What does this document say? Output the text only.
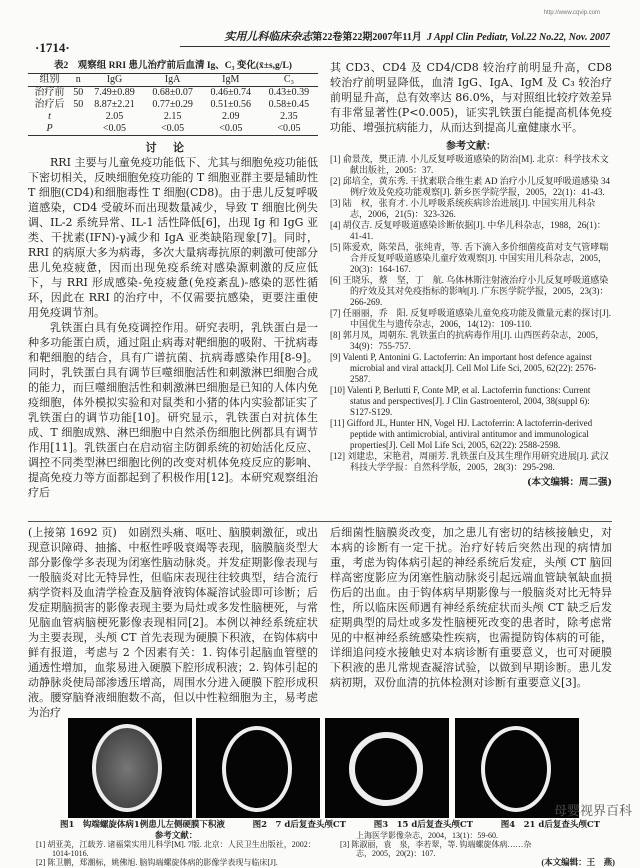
http://www.cqvip.com
·1714·
实用儿科临床杂志第22卷第22期2007年11月 J Appl Clin Pediatr, Vol.22 No.22, Nov. 2007
表2　观察组 RRI 患儿治疗前后血清 Ig、C₃ 变化(x̄±s,g/L)
组别	n	IgG	IgA	IgM	C₃
治疗前	50	7.49±0.89	0.68±0.07	0.46±0.74	0.43±0.39
治疗后	50	8.87±2.21	0.77±0.29	0.51±0.56	0.58±0.45
t		2.05	2.15	2.09	2.35
P		<0.05	<0.05	<0.05	<0.05
讨论

RRI 主要与儿童免疫功能低下、尤其与细胞免疫功能低下密切相关，反映细胞免疫功能的 T 细胞亚群主要是辅助性 T 细胞(CD4)和细胞毒性 T 细胞(CD8)。由于患儿反复呼吸道感染，CD4 受破坏而出现数量减少，导致 T 细胞比例失调、IL-2 系统异常、IL-1 活性降低[6]，出现 Ig 和 IgG 亚类、干扰素(IFN)-γ减少和 IgA 亚类缺陷现象[7]。同时，RRI 的病原大多为病毒，多次大量病毒抗原的刺激可使部分患儿免疫疲惫，因而出现免疫系统对感染源刺激的反应低下，与 RRI 形成感染-免疫疲惫(免疫紊乱)-感染的恶性循环，因此在 RRI 的治疗中，不仅需要抗感染，更要注重使用免疫调节剂。

乳铁蛋白具有免疫调控作用。研究表明，乳铁蛋白是一种多功能蛋白质，通过阻止病毒对靶细胞的吸附、干扰病毒和靶细胞的结合，具有广谱抗菌、抗病毒感染作用[8-9]。同时，乳铁蛋白具有调节巨噬细胞活性和刺激淋巴细胞合成的能力，而巨噬细胞活性和刺激淋巴细胞是已知的人体内免疫细胞，体外模拟实验和对鼠类和小猪的体内实验都证实了乳铁蛋白的调节功能[10]。研究显示，乳铁蛋白对抗体生成、T 细胞成熟、淋巴细胞中自然杀伤细胞比例都具有调节作用[11]。乳铁蛋白在启动宿主防御系统的初始活化反应、调控不同类型淋巴细胞比例的改变对机体免疫反应的影响、提高免疫力等方面都起到了积极作用[12]。本研究观察组治疗后

其 CD3、CD4 及 CD4/CD8 较治疗前明显升高，CD8 较治疗前明显降低，血清 IgG、IgA、IgM 及 C₃ 较治疗前明显升高，总有效率达 86.0%，与对照组比较疗效差异有非常显著性(P<0.005)，证实乳铁蛋白能提高机体免疫功能、增强抗病能力，从而达到提高儿童健康水平。

参考文献：
[1] 俞景茂，樊正清. 小儿反复呼吸道感染的防治[M]. 北京：科学技术文献出版社，2005：37.
[2] 邱培全，黄东秀. 干扰素联合维生素 AD 治疗小儿反复呼吸道感染 34 例疗效及免疫功能观察[J]. 新乡医学院学报，2005，22(1)：41-43.
[3] 陆　权，张育才. 小儿呼吸系统疾病诊治进展[J]. 中国实用儿科杂志，2006，21(5)：323-326.
[4] 胡仪吉. 反复呼吸道感染诊断依据[J]. 中华儿科杂志，1988，26(1)：41-41.
[5] 陈爱欢，陈荣昌，张纯青，等. 舌下滴入多价细菌疫苗对支气管哮喘合并反复呼吸道感染儿童疗效观察[J]. 中国实用儿科杂志，2005，20(3)：164-167.
[6] 王晓乐，蔡　坚，丁　航. 乌体林斯注射液治疗小儿反复呼吸道感染的疗效及其对免疫指标的影响[J]. 广东医学院学报，2005，23(3)：266-269.
[7] 任丽丽，乔　阳. 反复呼吸道感染儿童免疫功能及微量元素的探讨[J]. 中国优生与遗传杂志，2006，14(12)：109-110.
[8] 郭月凤，周朝东. 乳铁蛋白的抗病毒作用[J]. 山西医药杂志，2005，34(9)：755-757.
[9] Valenti P, Antonini G. Lactoferrin: An important host defence against microbial and viral attack[J]. Cell Mol Life Sci, 2005, 62(22): 2576-2587.
[10] Valenti P, Berlutti F, Conte MP, et al. Lactoferrin functions: Current status and perspectives[J]. J Clin Gastroenterol, 2004, 38(suppl 6): S127-S129.
[11] Gifford JL, Hunter HN, Vogel HJ. Lactoferrin: A lactoferrin-derived peptide with antimicrobial, antiviral antitumor and immunological properties[J]. Cell Mol Life Sci, 2005, 62(22): 2588-2598.
[12] 刘建忠，宋艳君，周丽芳. 乳铁蛋白及其生理作用研究进展[J]. 武汉科技大学学报：自然科学版，2005，28(3)：295-298.
(本文编辑：周二强)

(上接第 1692 页)　 如剧烈头痛、呕吐、脑膜刺激征，或出现意识障碍、抽搐、中枢性呼吸衰竭等表现，脑膜脑炎型大部分影像学多表现为闭塞性脑动脉炎。并发症期影像表现与一般脑炎对比无特异性，但临床表现往往较典型，结合流行病学资料及血清学检查及脑脊液钩体凝溶试验即可诊断；后发症期脑损害的影像表现主要为局灶或多发性脑梗死，与常见脑血管病脑梗死影像表现相同[2]。本例以神经系统症状为主要表现，头颅 CT 首先表现为硬膜下积液，在钩体病中鲜有报道，考虑与 2 个因素有关：1. 钩体引起脑血管壁的通透性增加，血浆易进入硬膜下腔形成积液；2. 钩体引起的动静脉炎使局部渗透压增高，周围水分进入硬膜下腔形成积液。腰穿脑脊液细胞数不高，但以中性粒细胞为主，易考虑为治疗

后细菌性脑膜炎改变，加之患儿有密切的结核接触史，对本病的诊断有一定干扰。治疗好转后突然出现的病情加重，考虑为钩体病引起的神经系统后发症，头颅 CT 脑回样高密度影应为闭塞性脑动脉炎引起远端血管缺氧缺血损伤后的出血。由于钩体病早期影像与一般脑炎对比无特异性，所以临床医师遇有神经系统症状而头颅 CT 缺乏后发症期典型的局灶或多发性脑梗死改变的患者时，除考虑常见的中枢神经系统感染性疾病，也需提防钩体病的可能，详细追问疫水接触史对本病诊断有重要意义，也可对硬膜下积液的患儿常规查凝溶试验，以做到早期诊断。患儿发病初期，双份血清的抗体检测对诊断有重要意义[3]。

图1　钩端螺旋体病1例患儿左侧硬膜下积液	图2　7 d后复查头颅CT	图3　15 d后复查头颅CT	图4　21 d后复查头颅CT
参考文献：
[1] 胡亚美，江载芳. 诸福棠实用儿科学[M]. 7版. 北京：人民卫生出版社，2002：1014-1016.
[2] 陈卫鹏，郑潮标，姚佛旭. 脑钩端螺旋体病的影像学表现与临床[J].
上海医学影像杂志，2004，13(1)：59-60.
[3] 陈淑丽，袁　泉，李若翠，等. 钩端螺旋体病……杂志，2005，20(2)：107.
(本文编辑：王　燕)
母婴视界百科
